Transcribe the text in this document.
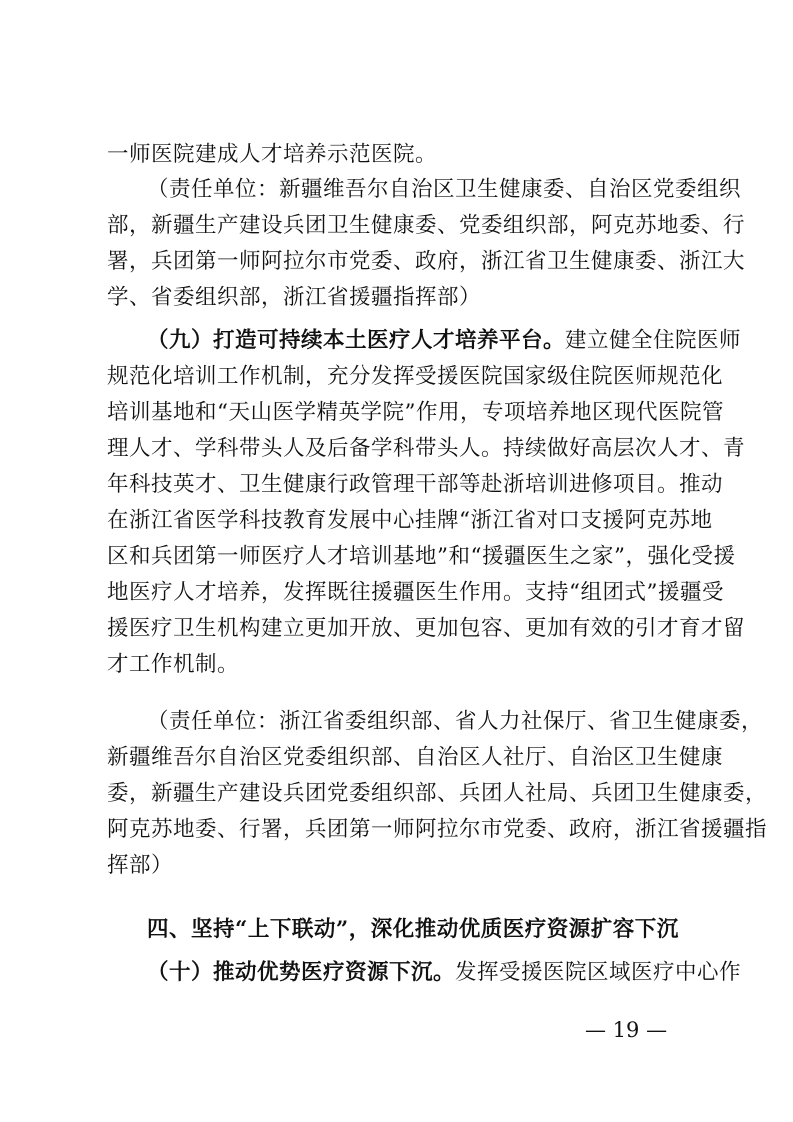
一师医院建成人才培养示范医院。
（责任单位：新疆维吾尔自治区卫生健康委、自治区党委组织
部，新疆生产建设兵团卫生健康委、党委组织部，阿克苏地委、行
署，兵团第一师阿拉尔市党委、政府，浙江省卫生健康委、浙江大
学、省委组织部，浙江省援疆指挥部）
（九）打造可持续本土医疗人才培养平台。建立健全住院医师
规范化培训工作机制，充分发挥受援医院国家级住院医师规范化
培训基地和“天山医学精英学院”作用，专项培养地区现代医院管
理人才、学科带头人及后备学科带头人。持续做好高层次人才、青
年科技英才、卫生健康行政管理干部等赴浙培训进修项目。推动
在浙江省医学科技教育发展中心挂牌“浙江省对口支援阿克苏地
区和兵团第一师医疗人才培训基地”和“援疆医生之家”，强化受援
地医疗人才培养，发挥既往援疆医生作用。支持“组团式”援疆受
援医疗卫生机构建立更加开放、更加包容、更加有效的引才育才留
才工作机制。
（责任单位：浙江省委组织部、省人力社保厅、省卫生健康委，
新疆维吾尔自治区党委组织部、自治区人社厅、自治区卫生健康
委，新疆生产建设兵团党委组织部、兵团人社局、兵团卫生健康委，
阿克苏地委、行署，兵团第一师阿拉尔市党委、政府，浙江省援疆指
挥部）
四、坚持“上下联动”，深化推动优质医疗资源扩容下沉
（十）推动优势医疗资源下沉。发挥受援医院区域医疗中心作
— 19 —
